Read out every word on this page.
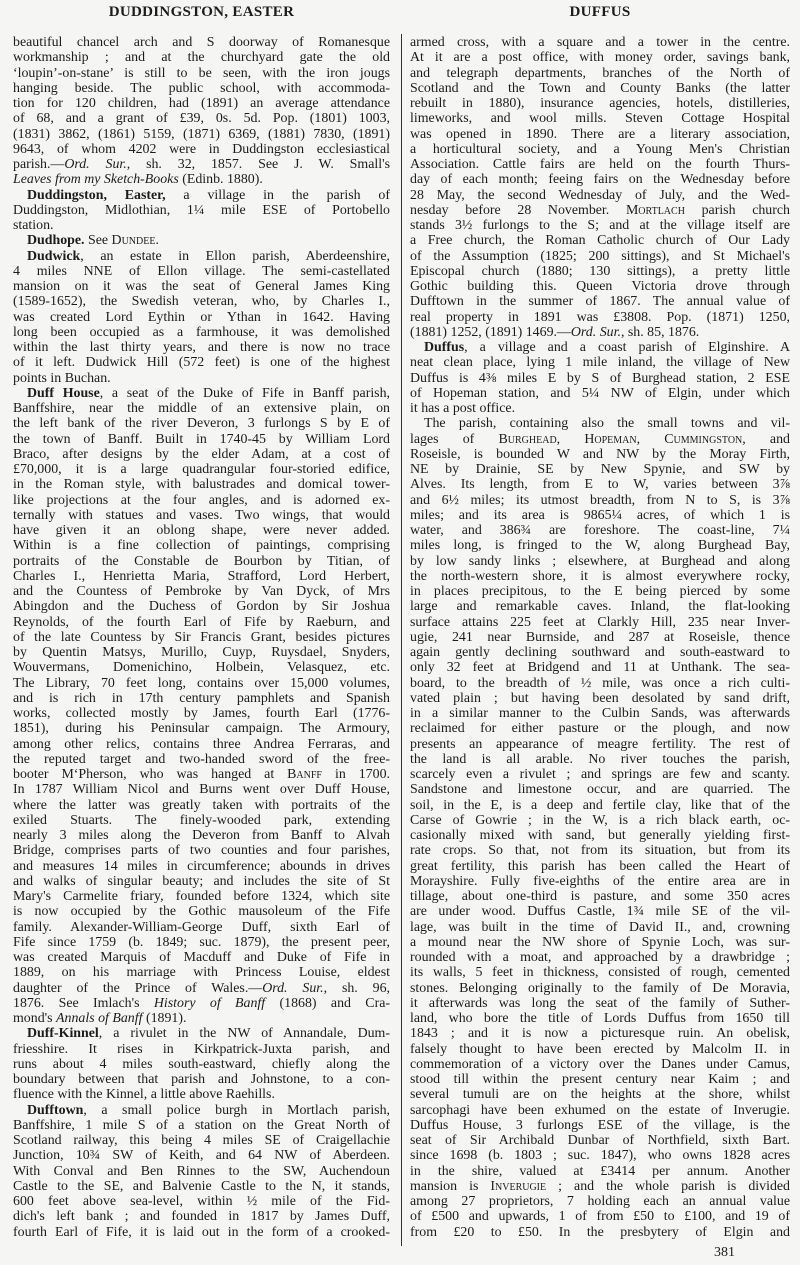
DUDDINGSTON, EASTER	DUFFUS
beautiful chancel arch and S doorway of Romanesque
workmanship ; and at the churchyard gate the old
‘loupin’-on-stane’ is still to be seen, with the iron jougs
hanging beside. The public school, with accommoda-
tion for 120 children, had (1891) an average attendance
of 68, and a grant of £39, 0s. 5d. Pop. (1801) 1003,
(1831) 3862, (1861) 5159, (1871) 6369, (1881) 7830, (1891)
9643, of whom 4202 were in Duddingston ecclesiastical
parish.—Ord. Sur., sh. 32, 1857. See J. W. Small's
Leaves from my Sketch-Books (Edinb. 1880).
Duddingston, Easter, a village in the parish of
Duddingston, Midlothian, 1¼ mile ESE of Portobello
station.
Dudhope. See Dundee.
Dudwick, an estate in Ellon parish, Aberdeenshire,
4 miles NNE of Ellon village. The semi-castellated
mansion on it was the seat of General James King
(1589-1652), the Swedish veteran, who, by Charles I.,
was created Lord Eythin or Ythan in 1642. Having
long been occupied as a farmhouse, it was demolished
within the last thirty years, and there is now no trace
of it left. Dudwick Hill (572 feet) is one of the highest
points in Buchan.
Duff House, a seat of the Duke of Fife in Banff parish,
Banffshire, near the middle of an extensive plain, on
the left bank of the river Deveron, 3 furlongs S by E of
the town of Banff. Built in 1740-45 by William Lord
Braco, after designs by the elder Adam, at a cost of
£70,000, it is a large quadrangular four-storied edifice,
in the Roman style, with balustrades and domical tower-
like projections at the four angles, and is adorned ex-
ternally with statues and vases. Two wings, that would
have given it an oblong shape, were never added.
Within is a fine collection of paintings, comprising
portraits of the Constable de Bourbon by Titian, of
Charles I., Henrietta Maria, Strafford, Lord Herbert,
and the Countess of Pembroke by Van Dyck, of Mrs
Abingdon and the Duchess of Gordon by Sir Joshua
Reynolds, of the fourth Earl of Fife by Raeburn, and
of the late Countess by Sir Francis Grant, besides pictures
by Quentin Matsys, Murillo, Cuyp, Ruysdael, Snyders,
Wouvermans, Domenichino, Holbein, Velasquez, etc.
The Library, 70 feet long, contains over 15,000 volumes,
and is rich in 17th century pamphlets and Spanish
works, collected mostly by James, fourth Earl (1776-
1851), during his Peninsular campaign. The Armoury,
among other relics, contains three Andrea Ferraras, and
the reputed target and two-handed sword of the free-
booter M‘Pherson, who was hanged at Banff in 1700.
In 1787 William Nicol and Burns went over Duff House,
where the latter was greatly taken with portraits of the
exiled Stuarts. The finely-wooded park, extending
nearly 3 miles along the Deveron from Banff to Alvah
Bridge, comprises parts of two counties and four parishes,
and measures 14 miles in circumference; abounds in drives
and walks of singular beauty; and includes the site of St
Mary's Carmelite friary, founded before 1324, which site
is now occupied by the Gothic mausoleum of the Fife
family. Alexander-William-George Duff, sixth Earl of
Fife since 1759 (b. 1849; suc. 1879), the present peer,
was created Marquis of Macduff and Duke of Fife in
1889, on his marriage with Princess Louise, eldest
daughter of the Prince of Wales.—Ord. Sur., sh. 96,
1876. See Imlach's History of Banff (1868) and Cra-
mond's Annals of Banff (1891).
Duff-Kinnel, a rivulet in the NW of Annandale, Dum-
friesshire. It rises in Kirkpatrick-Juxta parish, and
runs about 4 miles south-eastward, chiefly along the
boundary between that parish and Johnstone, to a con-
fluence with the Kinnel, a little above Raehills.
Dufftown, a small police burgh in Mortlach parish,
Banffshire, 1 mile S of a station on the Great North of
Scotland railway, this being 4 miles SE of Craigellachie
Junction, 10¾ SW of Keith, and 64 NW of Aberdeen.
With Conval and Ben Rinnes to the SW, Auchendoun
Castle to the SE, and Balvenie Castle to the N, it stands,
600 feet above sea-level, within ½ mile of the Fid-
dich's left bank ; and founded in 1817 by James Duff,
fourth Earl of Fife, it is laid out in the form of a crooked-
armed cross, with a square and a tower in the centre.
At it are a post office, with money order, savings bank,
and telegraph departments, branches of the North of
Scotland and the Town and County Banks (the latter
rebuilt in 1880), insurance agencies, hotels, distilleries,
limeworks, and wool mills. Steven Cottage Hospital
was opened in 1890. There are a literary association,
a horticultural society, and a Young Men's Christian
Association. Cattle fairs are held on the fourth Thurs-
day of each month; feeing fairs on the Wednesday before
28 May, the second Wednesday of July, and the Wed-
nesday before 28 November. Mortlach parish church
stands 3½ furlongs to the S; and at the village itself are
a Free church, the Roman Catholic church of Our Lady
of the Assumption (1825; 200 sittings), and St Michael's
Episcopal church (1880; 130 sittings), a pretty little
Gothic building this. Queen Victoria drove through
Dufftown in the summer of 1867. The annual value of
real property in 1891 was £3808. Pop. (1871) 1250,
(1881) 1252, (1891) 1469.—Ord. Sur., sh. 85, 1876.
Duffus, a village and a coast parish of Elginshire. A
neat clean place, lying 1 mile inland, the village of New
Duffus is 4⅜ miles E by S of Burghead station, 2 ESE
of Hopeman station, and 5¼ NW of Elgin, under which
it has a post office.
The parish, containing also the small towns and vil-
lages of Burghead, Hopeman, Cummingston, and
Roseisle, is bounded W and NW by the Moray Firth,
NE by Drainie, SE by New Spynie, and SW by
Alves. Its length, from E to W, varies between 3⅞
and 6½ miles; its utmost breadth, from N to S, is 3⅞
miles; and its area is 9865¼ acres, of which 1 is
water, and 386¾ are foreshore. The coast-line, 7¼
miles long, is fringed to the W, along Burghead Bay,
by low sandy links ; elsewhere, at Burghead and along
the north-western shore, it is almost everywhere rocky,
in places precipitous, to the E being pierced by some
large and remarkable caves. Inland, the flat-looking
surface attains 225 feet at Clarkly Hill, 235 near Inver-
ugie, 241 near Burnside, and 287 at Roseisle, thence
again gently declining southward and south-eastward to
only 32 feet at Bridgend and 11 at Unthank. The sea-
board, to the breadth of ½ mile, was once a rich culti-
vated plain ; but having been desolated by sand drift,
in a similar manner to the Culbin Sands, was afterwards
reclaimed for either pasture or the plough, and now
presents an appearance of meagre fertility. The rest of
the land is all arable. No river touches the parish,
scarcely even a rivulet ; and springs are few and scanty.
Sandstone and limestone occur, and are quarried. The
soil, in the E, is a deep and fertile clay, like that of the
Carse of Gowrie ; in the W, is a rich black earth, oc-
casionally mixed with sand, but generally yielding first-
rate crops. So that, not from its situation, but from its
great fertility, this parish has been called the Heart of
Morayshire. Fully five-eighths of the entire area are in
tillage, about one-third is pasture, and some 350 acres
are under wood. Duffus Castle, 1¾ mile SE of the vil-
lage, was built in the time of David II., and, crowning
a mound near the NW shore of Spynie Loch, was sur-
rounded with a moat, and approached by a drawbridge ;
its walls, 5 feet in thickness, consisted of rough, cemented
stones. Belonging originally to the family of De Moravia,
it afterwards was long the seat of the family of Suther-
land, who bore the title of Lords Duffus from 1650 till
1843 ; and it is now a picturesque ruin. An obelisk,
falsely thought to have been erected by Malcolm II. in
commemoration of a victory over the Danes under Camus,
stood till within the present century near Kaim ; and
several tumuli are on the heights at the shore, whilst
sarcophagi have been exhumed on the estate of Inverugie.
Duffus House, 3 furlongs ESE of the village, is the
seat of Sir Archibald Dunbar of Northfield, sixth Bart.
since 1698 (b. 1803 ; suc. 1847), who owns 1828 acres
in the shire, valued at £3414 per annum. Another
mansion is Inverugie ; and the whole parish is divided
among 27 proprietors, 7 holding each an annual value
of £500 and upwards, 1 of from £50 to £100, and 19 of
from £20 to £50. In the presbytery of Elgin and
381
